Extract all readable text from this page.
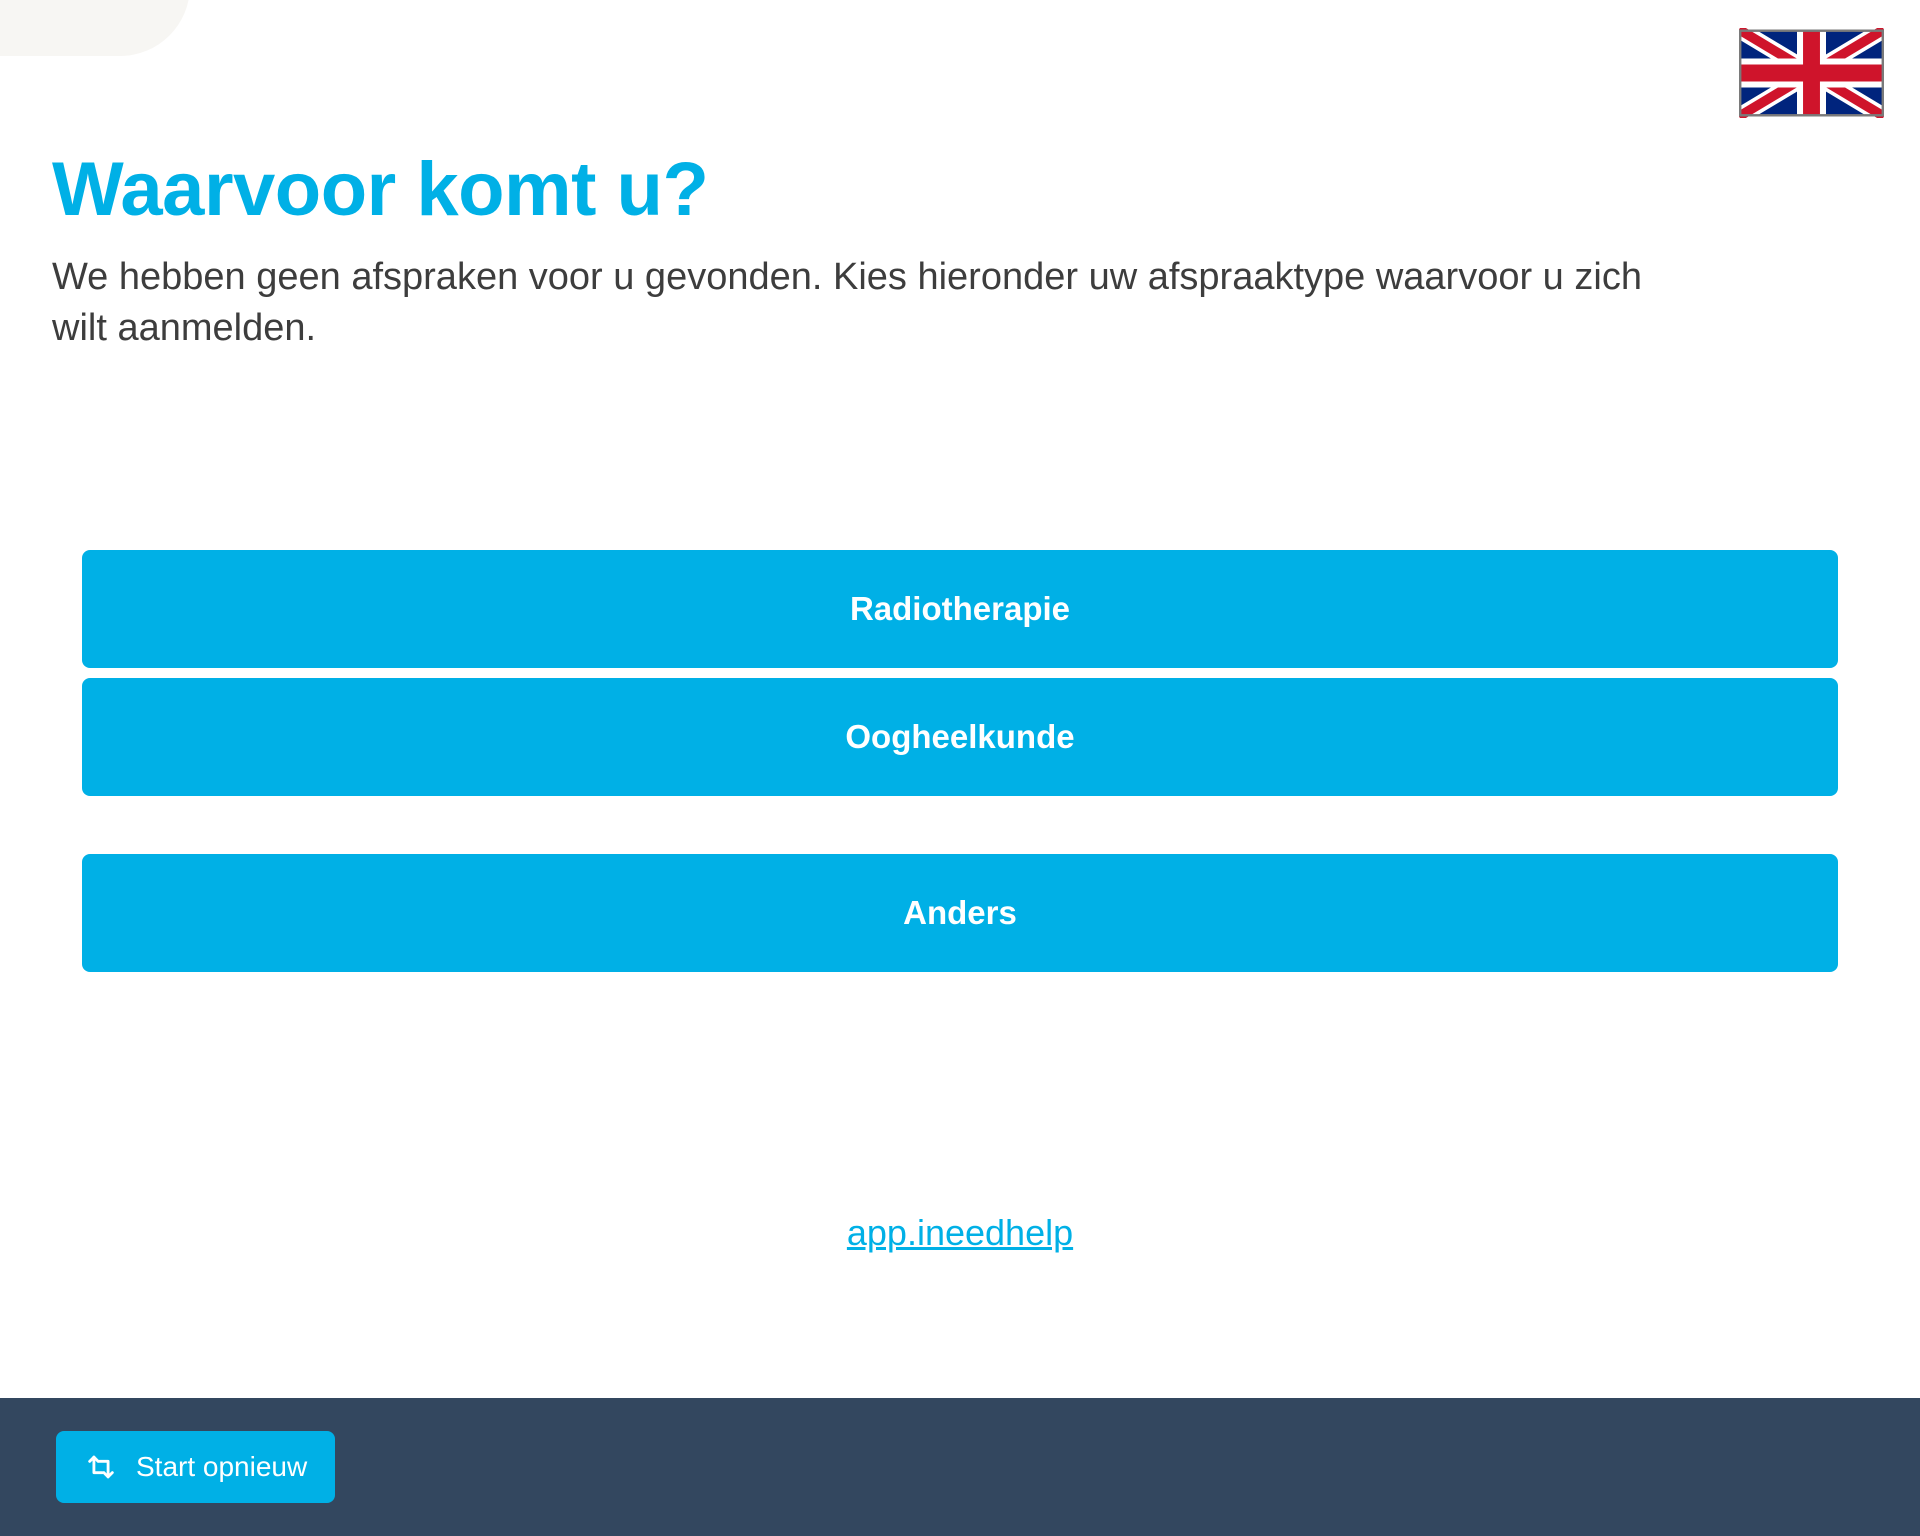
Waarvoor komt u?

We hebben geen afspraken voor u gevonden. Kies hieronder uw afspraaktype waarvoor u zich wilt aanmelden.

Radiotherapie
Oogheelkunde
Anders
app.ineedhelp
Start opnieuw
